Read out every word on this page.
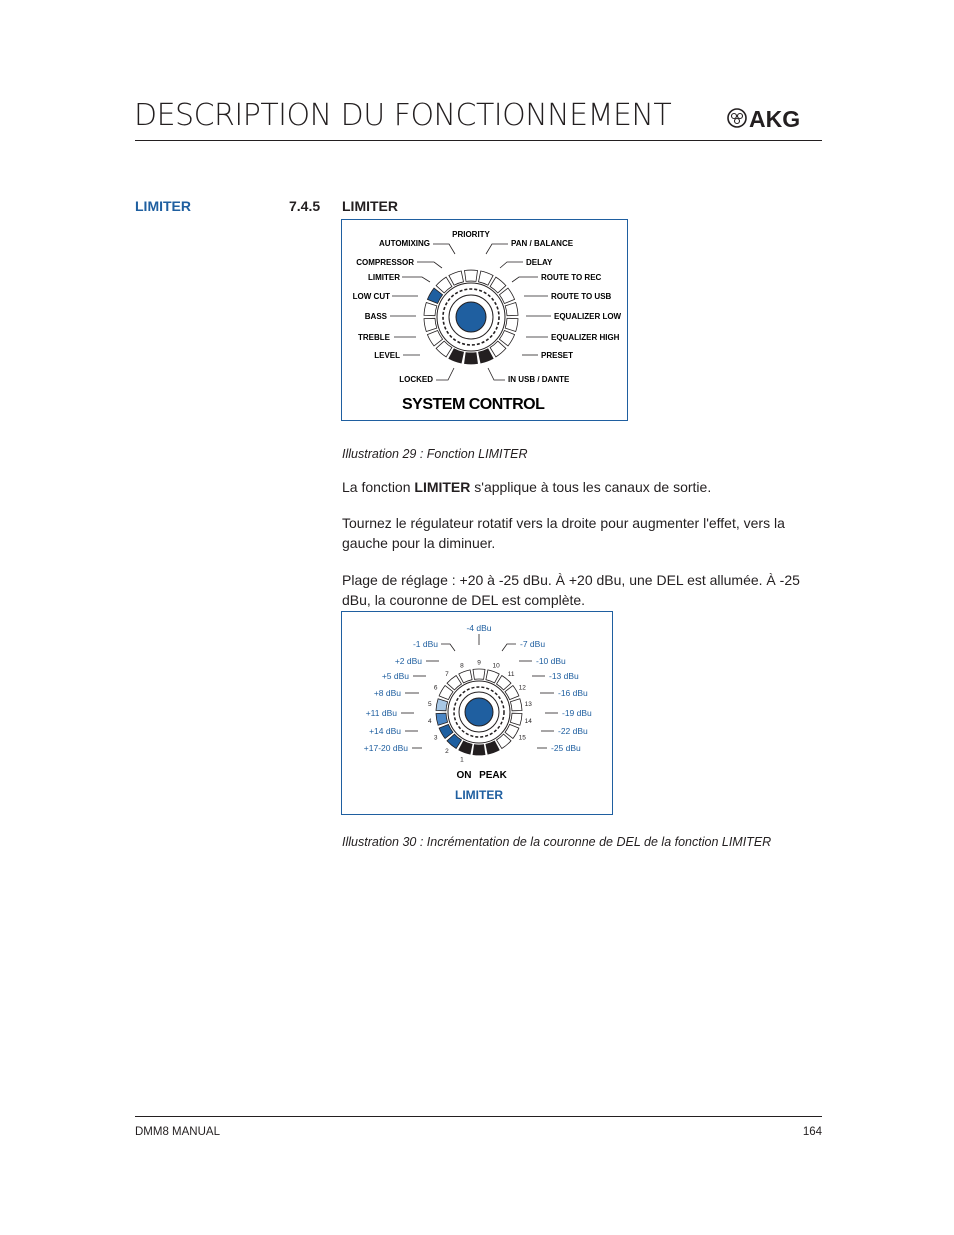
DESCRIPTION DU FONCTIONNEMENT	AKG
LIMITER	7.4.5 LIMITER
AUTOMIXING
COMPRESSOR
LIMITER
LOW CUT
BASS
TREBLE
LEVEL
LOCKED
PRIORITY
PAN / BALANCE
DELAY
ROUTE TO REC
ROUTE TO USB
EQUALIZER LOW
EQUALIZER HIGH
PRESET
IN USB / DANTE
SYSTEM CONTROL
Illustration 29 : Fonction LIMITER
La fonction LIMITER s'applique à tous les canaux de sortie.
Tournez le régulateur rotatif vers la droite pour augmenter l'effet, vers la gauche pour la diminuer.
Plage de réglage : +20 à -25 dBu. À +20 dBu, une DEL est allumée. À -25 dBu, la couronne de DEL est complète.
-4 dBu
-1 dBu
+2 dBu
+5 dBu
+8 dBu
+11 dBu
+14 dBu
+17-20 dBu
-7 dBu
-10 dBu
-13 dBu
-16 dBu
-19 dBu
-22 dBu
-25 dBu
1
2
3
4
5
6
7
8 9 10
11
12
13
14
15
ON PEAK
LIMITER
Illustration 30 : Incrémentation de la couronne de DEL de la fonction LIMITER
DMM8 MANUAL	164
